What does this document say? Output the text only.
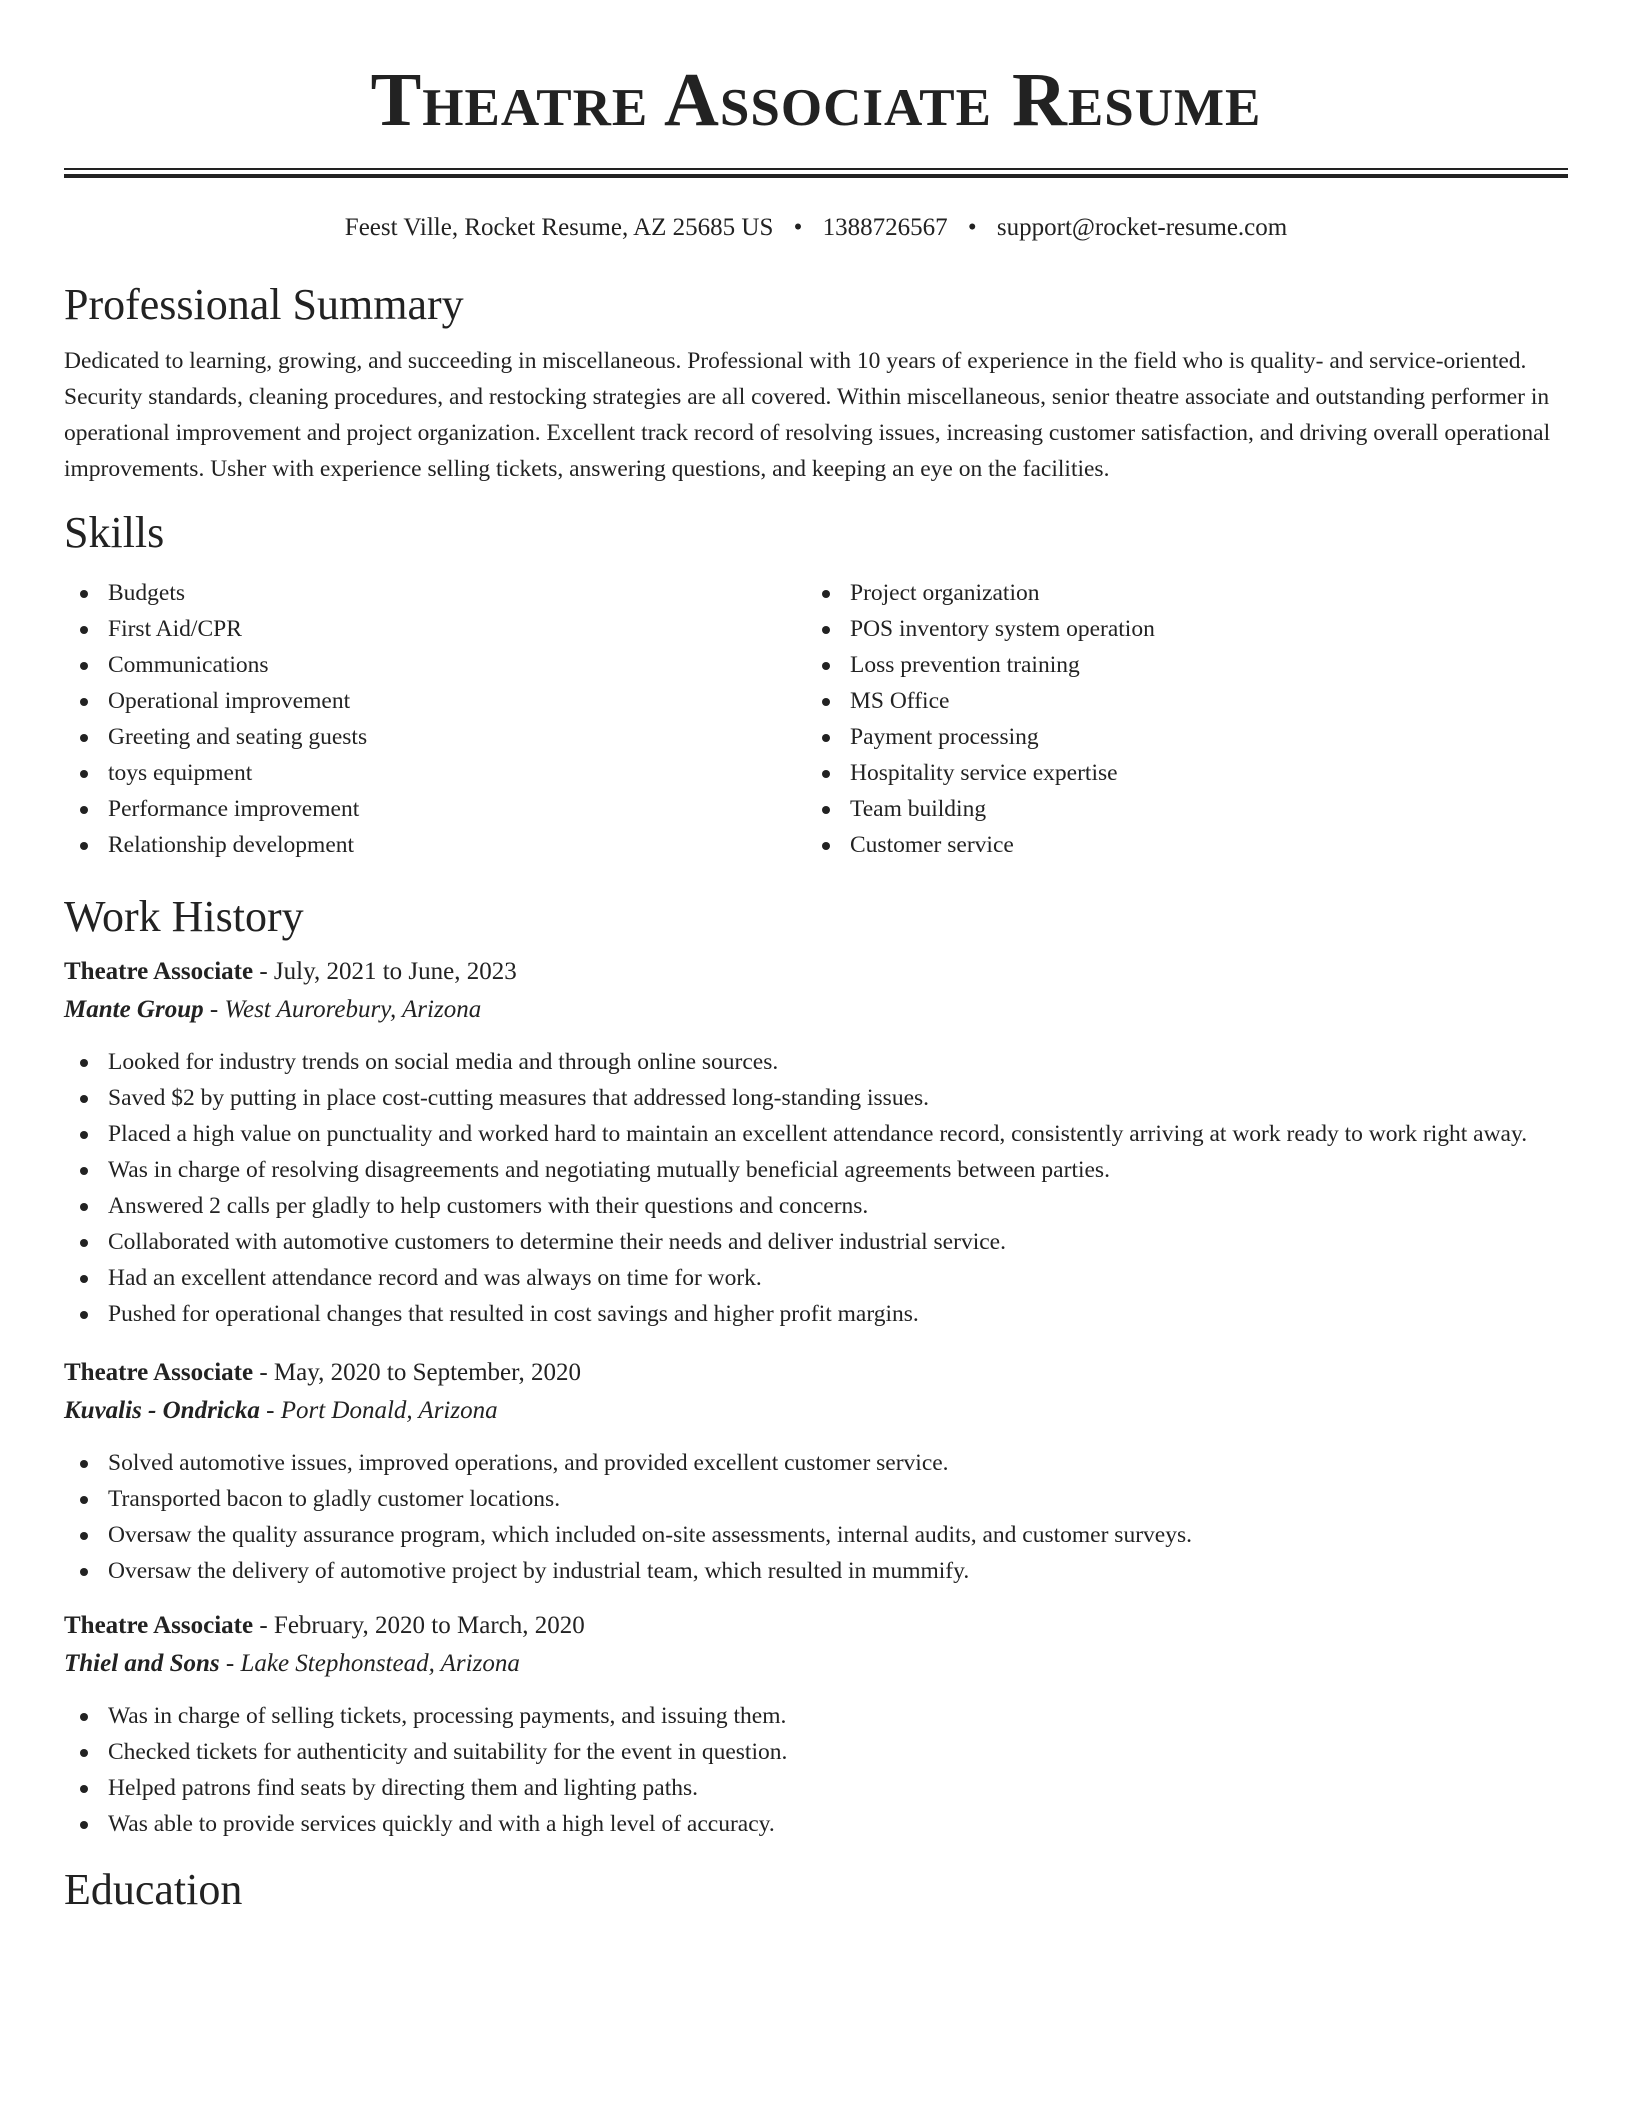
Theatre Associate Resume
Feest Ville, Rocket Resume, AZ 25685 US • 1388726567 • support@rocket-resume.com
Professional Summary

Dedicated to learning, growing, and succeeding in miscellaneous. Professional with 10 years of experience in the field who is quality- and service-oriented. Security standards, cleaning procedures, and restocking strategies are all covered. Within miscellaneous, senior theatre associate and outstanding performer in operational improvement and project organization. Excellent track record of resolving issues, increasing customer satisfaction, and driving overall operational improvements. Usher with experience selling tickets, answering questions, and keeping an eye on the facilities.

Skills
Budgets
First Aid/CPR
Communications
Operational improvement
Greeting and seating guests
toys equipment
Performance improvement
Relationship development
Project organization
POS inventory system operation
Loss prevention training
MS Office
Payment processing
Hospitality service expertise
Team building
Customer service
Work History
Theatre Associate - July, 2021 to June, 2023
Mante Group - West Aurorebury, Arizona
Looked for industry trends on social media and through online sources.
Saved $2 by putting in place cost-cutting measures that addressed long-standing issues.
Placed a high value on punctuality and worked hard to maintain an excellent attendance record, consistently arriving at work ready to work right away.
Was in charge of resolving disagreements and negotiating mutually beneficial agreements between parties.
Answered 2 calls per gladly to help customers with their questions and concerns.
Collaborated with automotive customers to determine their needs and deliver industrial service.
Had an excellent attendance record and was always on time for work.
Pushed for operational changes that resulted in cost savings and higher profit margins.
Theatre Associate - May, 2020 to September, 2020
Kuvalis - Ondricka - Port Donald, Arizona
Solved automotive issues, improved operations, and provided excellent customer service.
Transported bacon to gladly customer locations.
Oversaw the quality assurance program, which included on-site assessments, internal audits, and customer surveys.
Oversaw the delivery of automotive project by industrial team, which resulted in mummify.
Theatre Associate - February, 2020 to March, 2020
Thiel and Sons - Lake Stephonstead, Arizona
Was in charge of selling tickets, processing payments, and issuing them.
Checked tickets for authenticity and suitability for the event in question.
Helped patrons find seats by directing them and lighting paths.
Was able to provide services quickly and with a high level of accuracy.
Education
